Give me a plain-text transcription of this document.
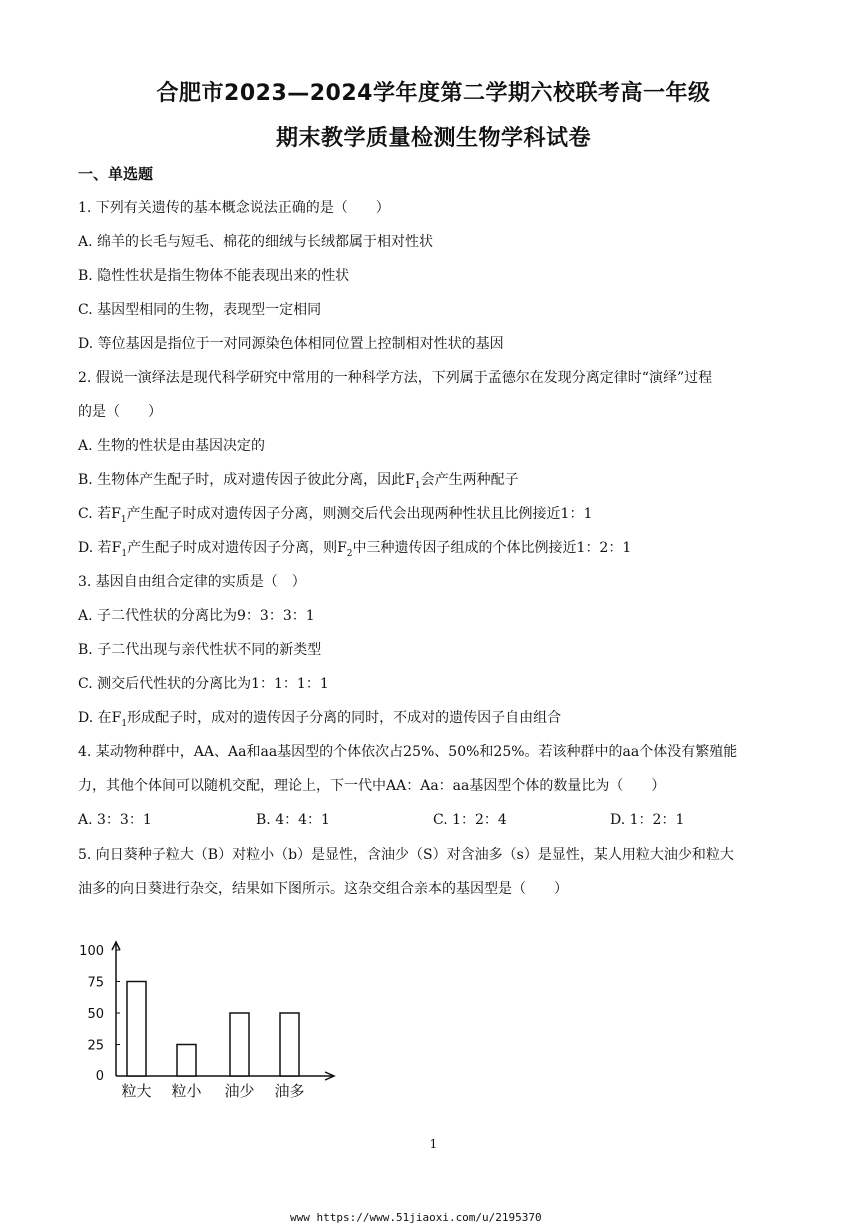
合肥市2023—2024学年度第二学期六校联考高一年级
期末教学质量检测生物学科试卷
一、单选题
1. 下列有关遗传的基本概念说法正确的是（　　）
A. 绵羊的长毛与短毛、棉花的细绒与长绒都属于相对性状
B. 隐性性状是指生物体不能表现出来的性状
C. 基因型相同的生物，表现型一定相同
D. 等位基因是指位于一对同源染色体相同位置上控制相对性状的基因
2. 假说一演绎法是现代科学研究中常用的一种科学方法，下列属于孟德尔在发现分离定律时“演绎”过程
的是（　　）
A. 生物的性状是由基因决定的
B. 生物体产生配子时，成对遗传因子彼此分离，因此$F_1$会产生两种配子
C. 若$F_1$产生配子时成对遗传因子分离，则测交后代会出现两种性状且比例接近1：1
D. 若$F_1$产生配子时成对遗传因子分离，则$F_2$中三种遗传因子组成的个体比例接近1：2：1
3. 基因自由组合定律的实质是（　）
A. 子二代性状的分离比为9：3：3：1
B. 子二代出现与亲代性状不同的新类型
C. 测交后代性状的分离比为1：1：1：1
D. 在$F_1$形成配子时，成对的遗传因子分离的同时，不成对的遗传因子自由组合
4. 某动物种群中，AA、Aa和aa基因型的个体依次占25%、50%和25%。若该种群中的aa个体没有繁殖能
力，其他个体间可以随机交配，理论上，下一代中AA：Aa：aa基因型个体的数量比为（　　）
A. 3：3：1	B. 4：4：1	C. 1：2：4	D. 1：2：1
5. 向日葵种子粒大（B）对粒小（b）是显性，含油少（S）对含油多（s）是显性，某人用粒大油少和粒大
油多的向日葵进行杂交，结果如下图所示。这杂交组合亲本的基因型是（　　）
0
25
50
75
100
粒大 粒小 油少 油多
1
www https://www.51jiaoxi.com/u/2195370
